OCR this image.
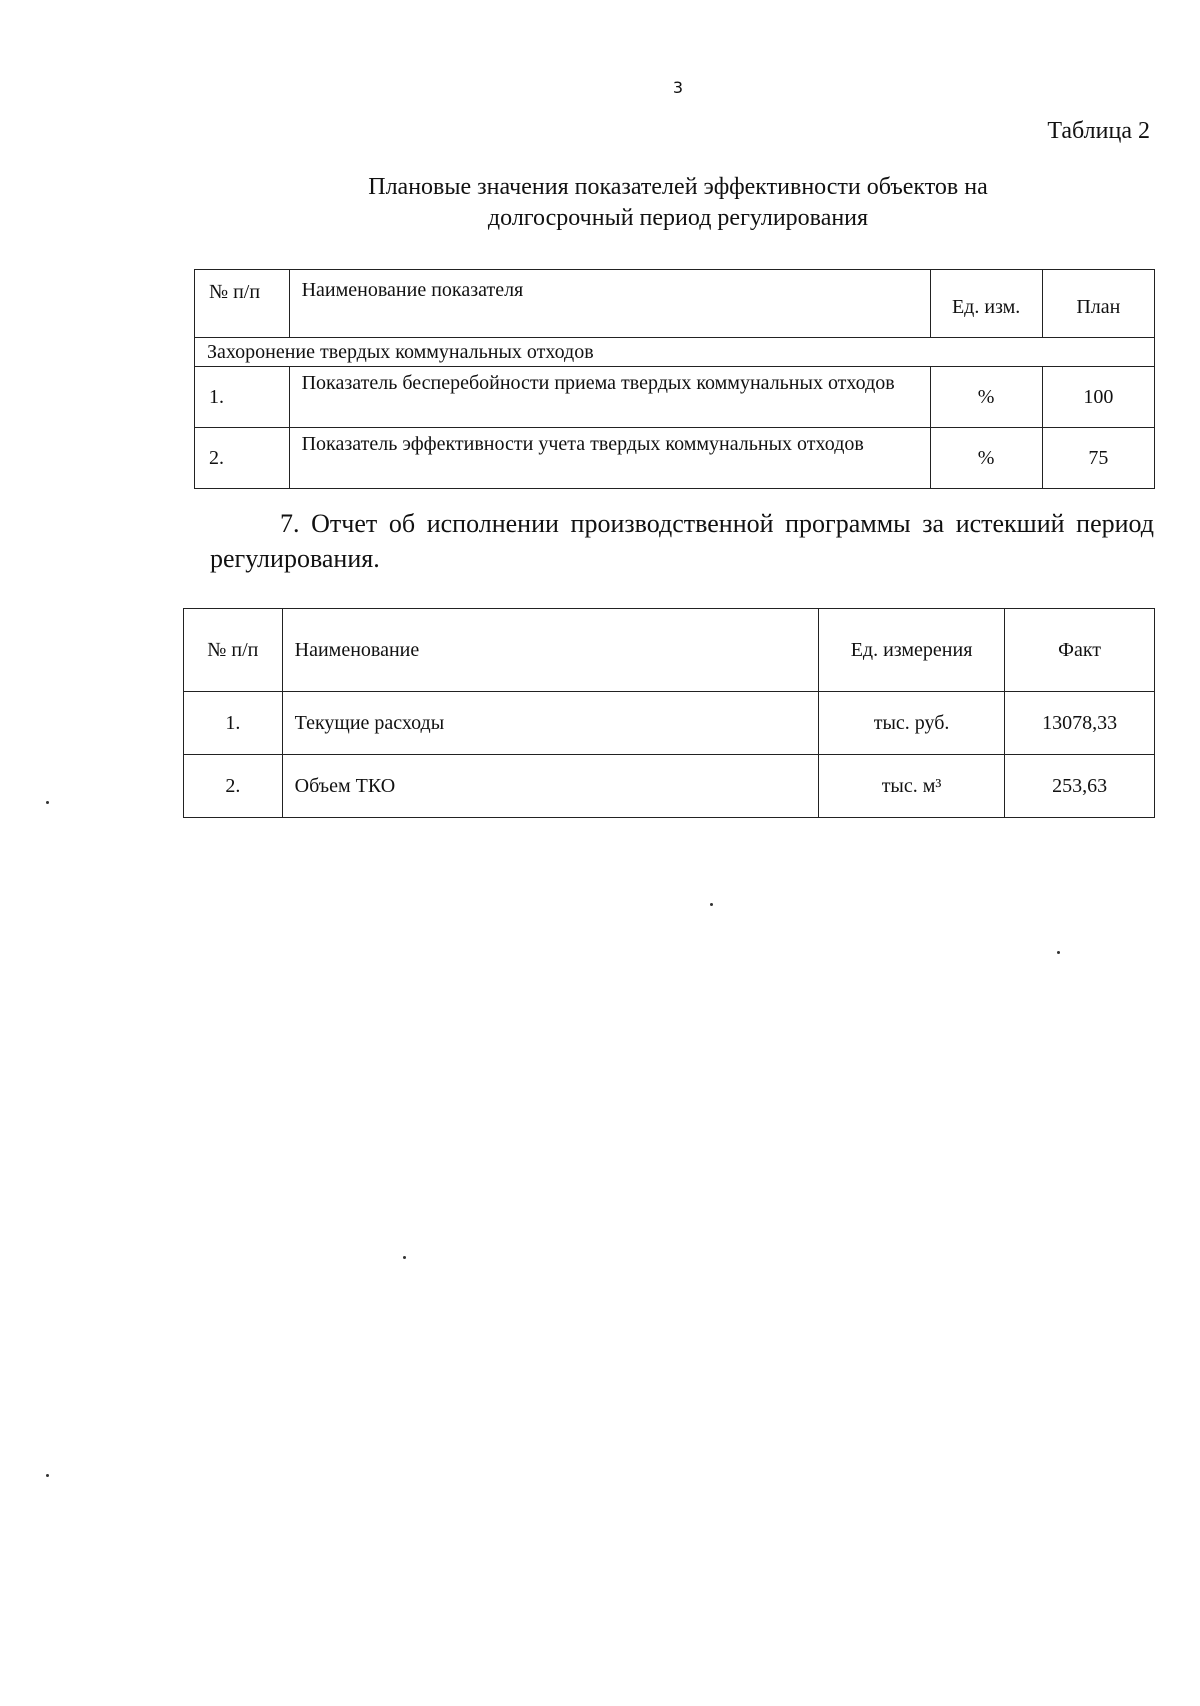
3
Таблица 2
Плановые значения показателей эффективности объектов на
долгосрочный период регулирования
№ п/п	Наименование показателя	Ед. изм.	План
Захоронение твердых коммунальных отходов			
1.	Показатель бесперебойности приема твердых коммунальных отходов	%	100
2.	Показатель эффективности учета твердых коммунальных отходов	%	75
7. Отчет об исполнении производственной программы за истекший период регулирования.
№ п/п	Наименование	Ед. измерения	Факт
1.	Текущие расходы	тыс. руб.	13078,33
2.	Объем ТКО	тыс. м³	253,63
